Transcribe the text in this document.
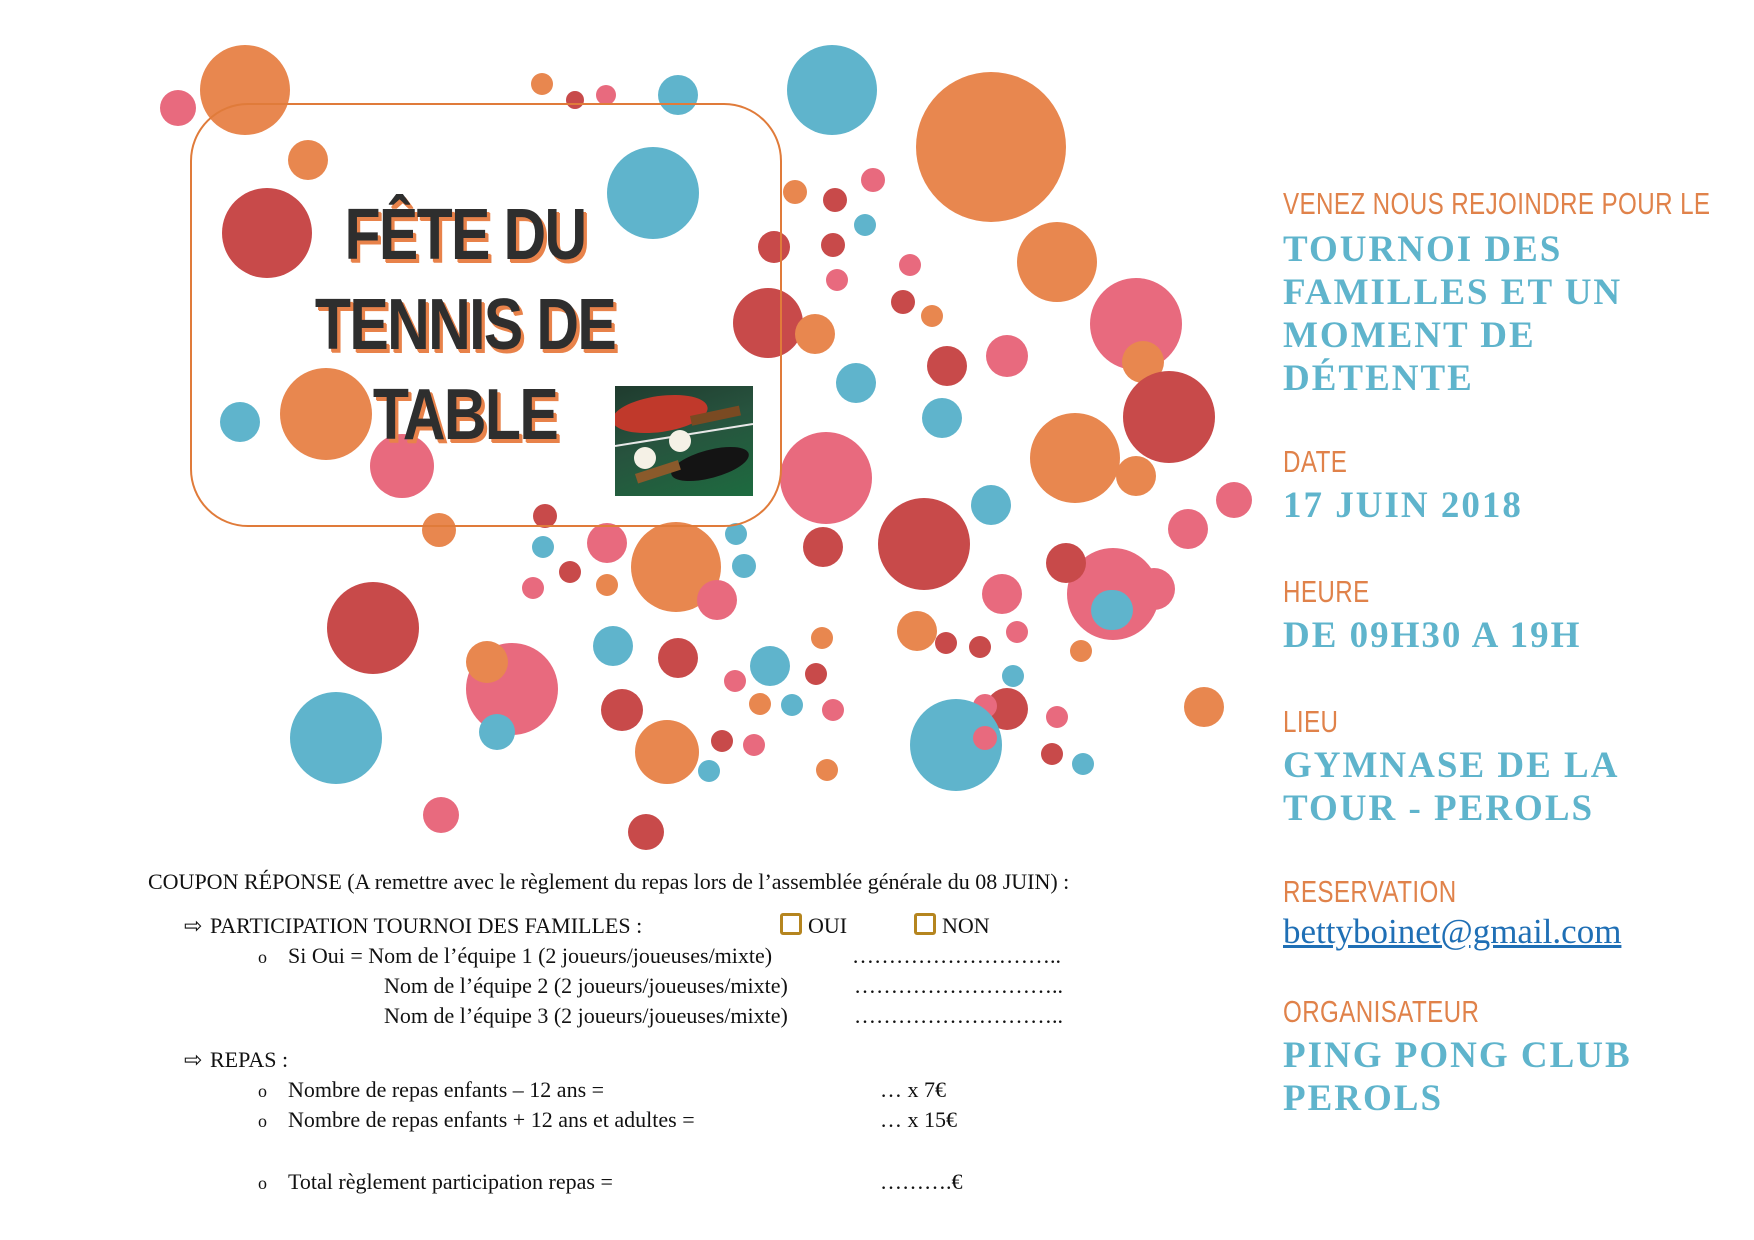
FÊTE DU
TENNIS DE TABLE
VENEZ NOUS REJOINDRE POUR LE
TOURNOI DES
FAMILLES ET UN
MOMENT DE
DÉTENTE
DATE
17 JUIN 2018
HEURE
DE 09H30 A 19H
LIEU
GYMNASE DE LA
TOUR - PEROLS
RESERVATION
bettyboinet@gmail.com
ORGANISATEUR
PING PONG CLUB
PEROLS
COUPON RÉPONSE (A remettre avec le règlement du repas lors de l’assemblée générale du 08 JUIN) :
⇨ PARTICIPATION TOURNOI DES FAMILLES :	OUI	NON
o Si Oui = Nom de l’équipe 1 (2 joueurs/joueuses/mixte)	………………………..
Nom de l’équipe 2 (2 joueurs/joueuses/mixte)	………………………..
Nom de l’équipe 3 (2 joueurs/joueuses/mixte)	………………………..
⇨ REPAS :
o Nombre de repas enfants – 12 ans =	… x 7€
o Nombre de repas enfants + 12 ans et adultes =	… x 15€
o Total règlement participation repas =	……….€
